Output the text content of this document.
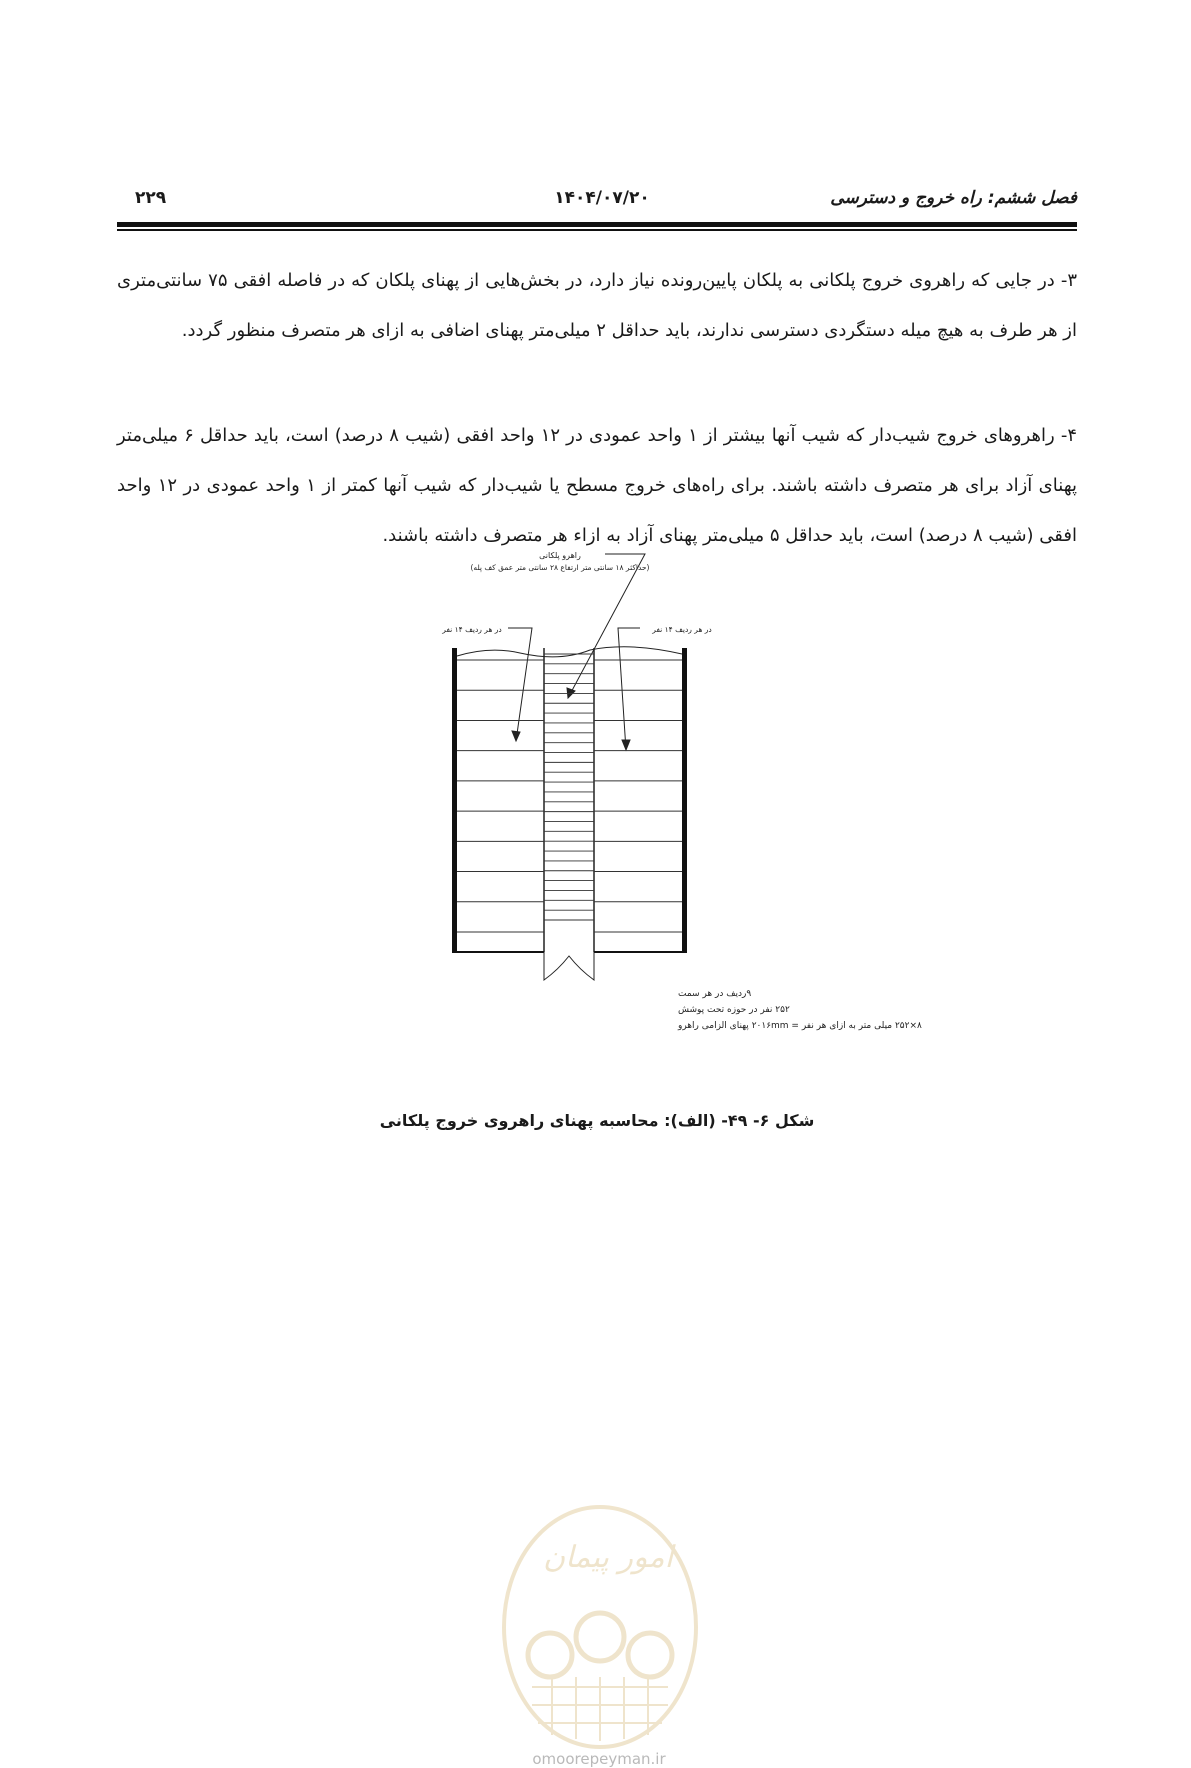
فصل ششم: راه خروج و دسترسی
۱۴۰۴/۰۷/۲۰
۲۲۹

۳- در جایی که راهروی خروج پلکانی به پلکان پایین‌رونده نیاز دارد، در بخش‌هایی از پهنای پلکان که در فاصله افقی ۷۵ سانتی‌متری از هر طرف به هیچ میله دستگردی دسترسی ندارند، باید حداقل ۲ میلی‌متر پهنای اضافی به ازای هر متصرف منظور گردد.

۴- راهروهای خروج شیب‌دار که شیب آنها بیشتر از ۱ واحد عمودی در ۱۲ واحد افقی (شیب ۸ درصد) است، باید حداقل ۶ میلی‌متر پهنای آزاد برای هر متصرف داشته باشند. برای راه‌های خروج مسطح یا شیب‌دار که شیب آنها کمتر از ۱ واحد عمودی در ۱۲ واحد افقی (شیب ۸ درصد) است، باید حداقل ۵ میلی‌متر پهنای آزاد به ازاء هر متصرف داشته باشند.

راهرو پلکانی
(حداکثر ۱۸ سانتی متر ارتفاع ۲۸ سانتی متر عمق کف پله)
در هر ردیف ۱۴ نفر	در هر ردیف ۱۴ نفر
۹ردیف در هر سمت
۲۵۲ نفر در حوزه تحت پوشش
۸×۲۵۲ میلی متر به ازای هر نفر = ۲۰۱۶mm پهنای الزامی راهرو
شکل ۶- ۴۹- (الف): محاسبه پهنای راهروی خروج پلکانی
امور پیمان
omoorepeyman.ir
